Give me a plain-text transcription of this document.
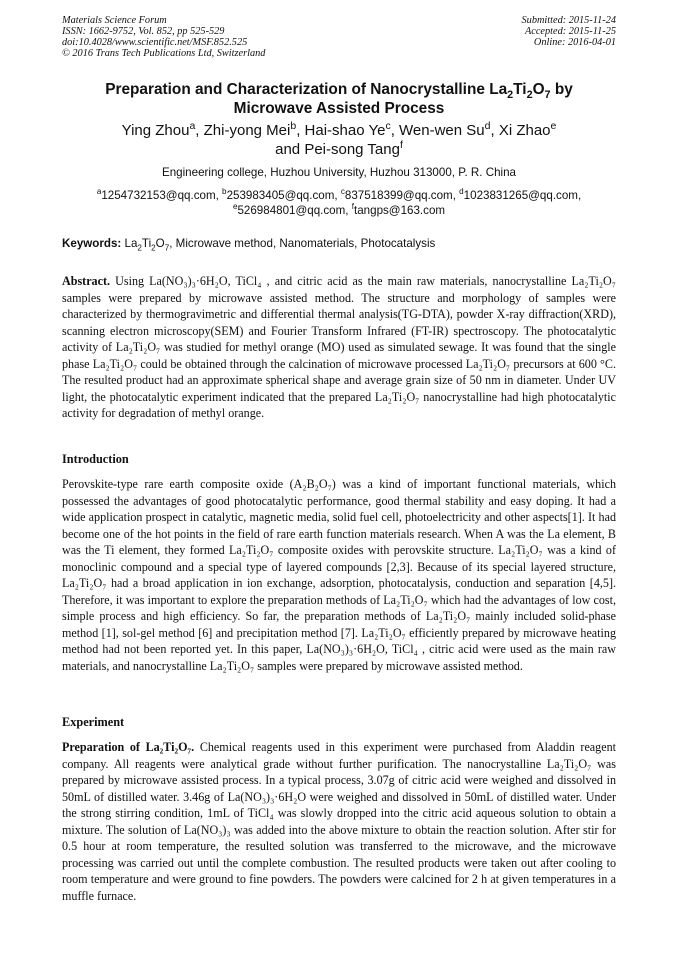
Materials Science Forum
ISSN: 1662-9752, Vol. 852, pp 525-529
doi:10.4028/www.scientific.net/MSF.852.525
© 2016 Trans Tech Publications Ltd, Switzerland
Submitted: 2015-11-24
Accepted: 2015-11-25
Online: 2016-04-01
Preparation and Characterization of Nanocrystalline $La_2Ti_2O_7$ by
Microwave Assisted Process
Ying Zhou$^a$, Zhi-yong Mei$^b$, Hai-shao Ye$^c$, Wen-wen Su$^d$, Xi Zhao$^e$
and Pei-song Tang$^f$
Engineering college, Huzhou University, Huzhou 313000, P. R. China
$^a$1254732153@qq.com, $^b$253983405@qq.com, $^c$837518399@qq.com, $^d$1023831265@qq.com,
$^e$526984801@qq.com, $^f$tangps@163.com
Keywords: $La_2Ti_2O_7$, Microwave method, Nanomaterials, Photocatalysis
Abstract. Using La(NO₃)₃·6H₂O, TiCl₄ , and citric acid as the main raw materials, nanocrystalline La₂Ti₂O₇ samples were prepared by microwave assisted method. The structure and morphology of samples were characterized by thermogravimetric and differential thermal analysis(TG-DTA), powder X-ray diffraction(XRD), scanning electron microscopy(SEM) and Fourier Transform Infrared (FT-IR) spectroscopy. The photocatalytic activity of La₂Ti₂O₇ was studied for methyl orange (MO) used as simulated sewage. It was found that the single phase La₂Ti₂O₇ could be obtained through the calcination of microwave processed La₂Ti₂O₇ precursors at 600 °C. The resulted product had an approximate spherical shape and average grain size of 50 nm in diameter. Under UV light, the photocatalytic experiment indicated that the prepared La₂Ti₂O₇ nanocrystalline had high photocatalytic activity for degradation of methyl orange.
Introduction
Perovskite-type rare earth composite oxide (A₂B₂O₇) was a kind of important functional materials, which possessed the advantages of good photocatalytic performance, good thermal stability and easy doping. It had a wide application prospect in catalytic, magnetic media, solid fuel cell, photoelectricity and other aspects[1]. It had become one of the hot points in the field of rare earth function materials research. When A was the La element, B was the Ti element, they formed La₂Ti₂O₇ composite oxides with perovskite structure. La₂Ti₂O₇ was a kind of monoclinic compound and a special type of layered compounds [2,3]. Because of its special layered structure, La₂Ti₂O₇ had a broad application in ion exchange, adsorption, photocatalysis, conduction and separation [4,5]. Therefore, it was important to explore the preparation methods of La₂Ti₂O₇ which had the advantages of low cost, simple process and high efficiency. So far, the preparation methods of La₂Ti₂O₇ mainly included solid-phase method [1], sol-gel method [6] and precipitation method [7]. La₂Ti₂O₇ efficiently prepared by microwave heating method had not been reported yet. In this paper, La(NO₃)₃·6H₂O, TiCl₄ , citric acid were used as the main raw materials, and nanocrystalline La₂Ti₂O₇ samples were prepared by microwave assisted method.
Experiment
Preparation of La₂Ti₂O₇. Chemical reagents used in this experiment were purchased from Aladdin reagent company. All reagents were analytical grade without further purification. The nanocrystalline La₂Ti₂O₇ was prepared by microwave assisted process. In a typical process, 3.07g of citric acid were weighed and dissolved in 50mL of distilled water. 3.46g of La(NO₃)₃·6H₂O were weighed and dissolved in 50mL of distilled water. Under the strong stirring condition, 1mL of TiCl₄ was slowly dropped into the citric acid aqueous solution to obtain a mixture. The solution of La(NO₃)₃ was added into the above mixture to obtain the reaction solution. After stir for 0.5 hour at room temperature, the resulted solution was transferred to the microwave, and the microwave processing was carried out until the complete combustion. The resulted products were taken out after cooling to room temperature and were ground to fine powders. The powders were calcined for 2 h at given temperatures in a muffle furnace.
